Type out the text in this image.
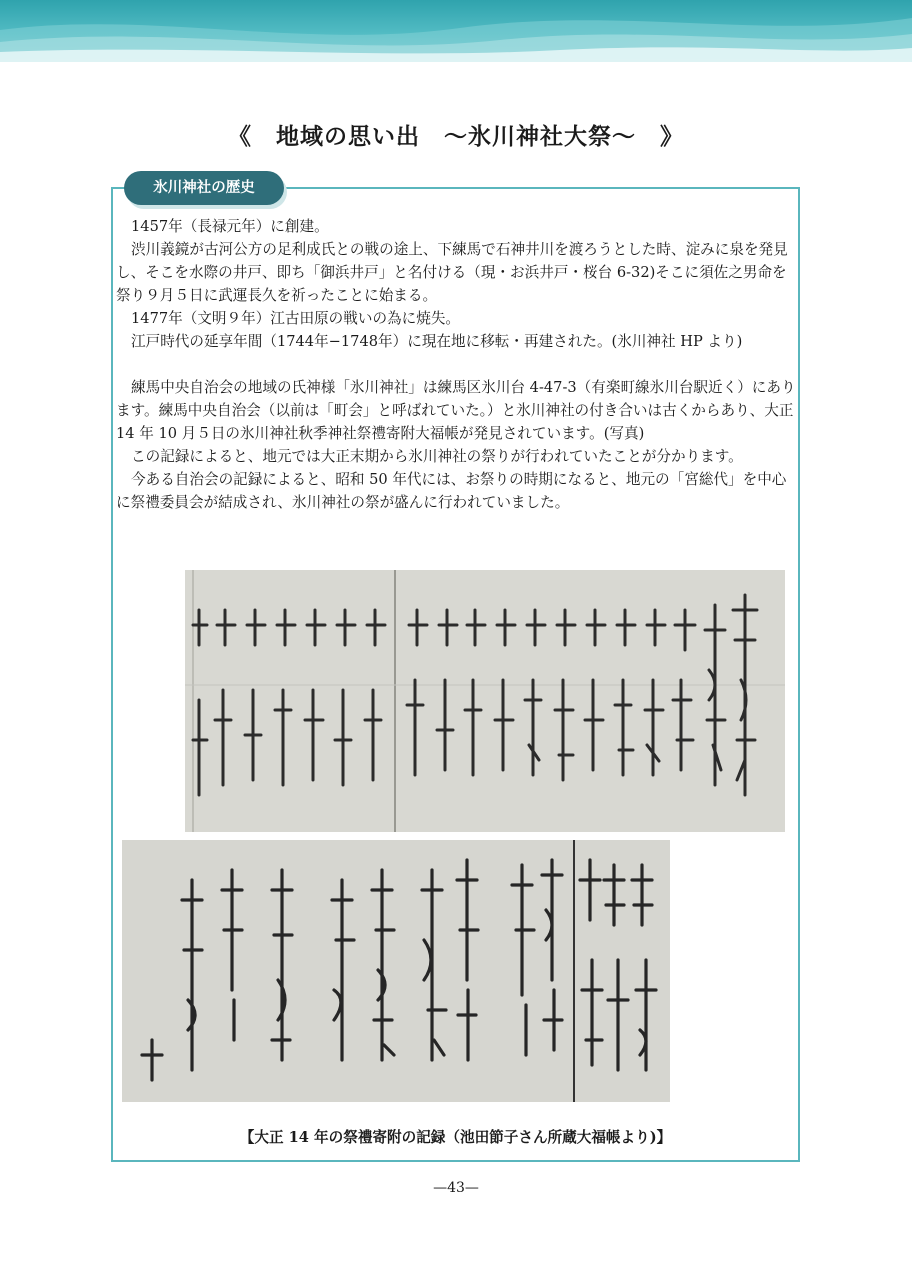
《　地域の思い出　〜氷川神社大祭〜　》
氷川神社の歴史

1457年（長禄元年）に創建。

渋川義鏡が古河公方の足利成氏との戦の途上、下練馬で石神井川を渡ろうとした時、淀みに泉を発見し、そこを水際の井戸、即ち「御浜井戸」と名付ける（現・お浜井戸・桜台 6-32)そこに須佐之男命を祭り９月５日に武運長久を祈ったことに始まる。

1477年（文明９年）江古田原の戦いの為に焼失。

江戸時代の延享年間（1744年−1748年）に現在地に移転・再建された。(氷川神社 HP より)

練馬中央自治会の地域の氏神様「氷川神社」は練馬区氷川台 4-47-3（有楽町線氷川台駅近く）にあります。練馬中央自治会（以前は「町会」と呼ばれていた。）と氷川神社の付き合いは古くからあり、大正 14 年 10 月５日の氷川神社秋季神社祭禮寄附大福帳が発見されています。(写真)

この記録によると、地元では大正末期から氷川神社の祭りが行われていたことが分かります。

今ある自治会の記録によると、昭和 50 年代には、お祭りの時期になると、地元の「宮総代」を中心に祭禮委員会が結成され、氷川神社の祭が盛んに行われていました。

【大正 14 年の祭禮寄附の記録（池田節子さん所蔵大福帳より)】
—43—
